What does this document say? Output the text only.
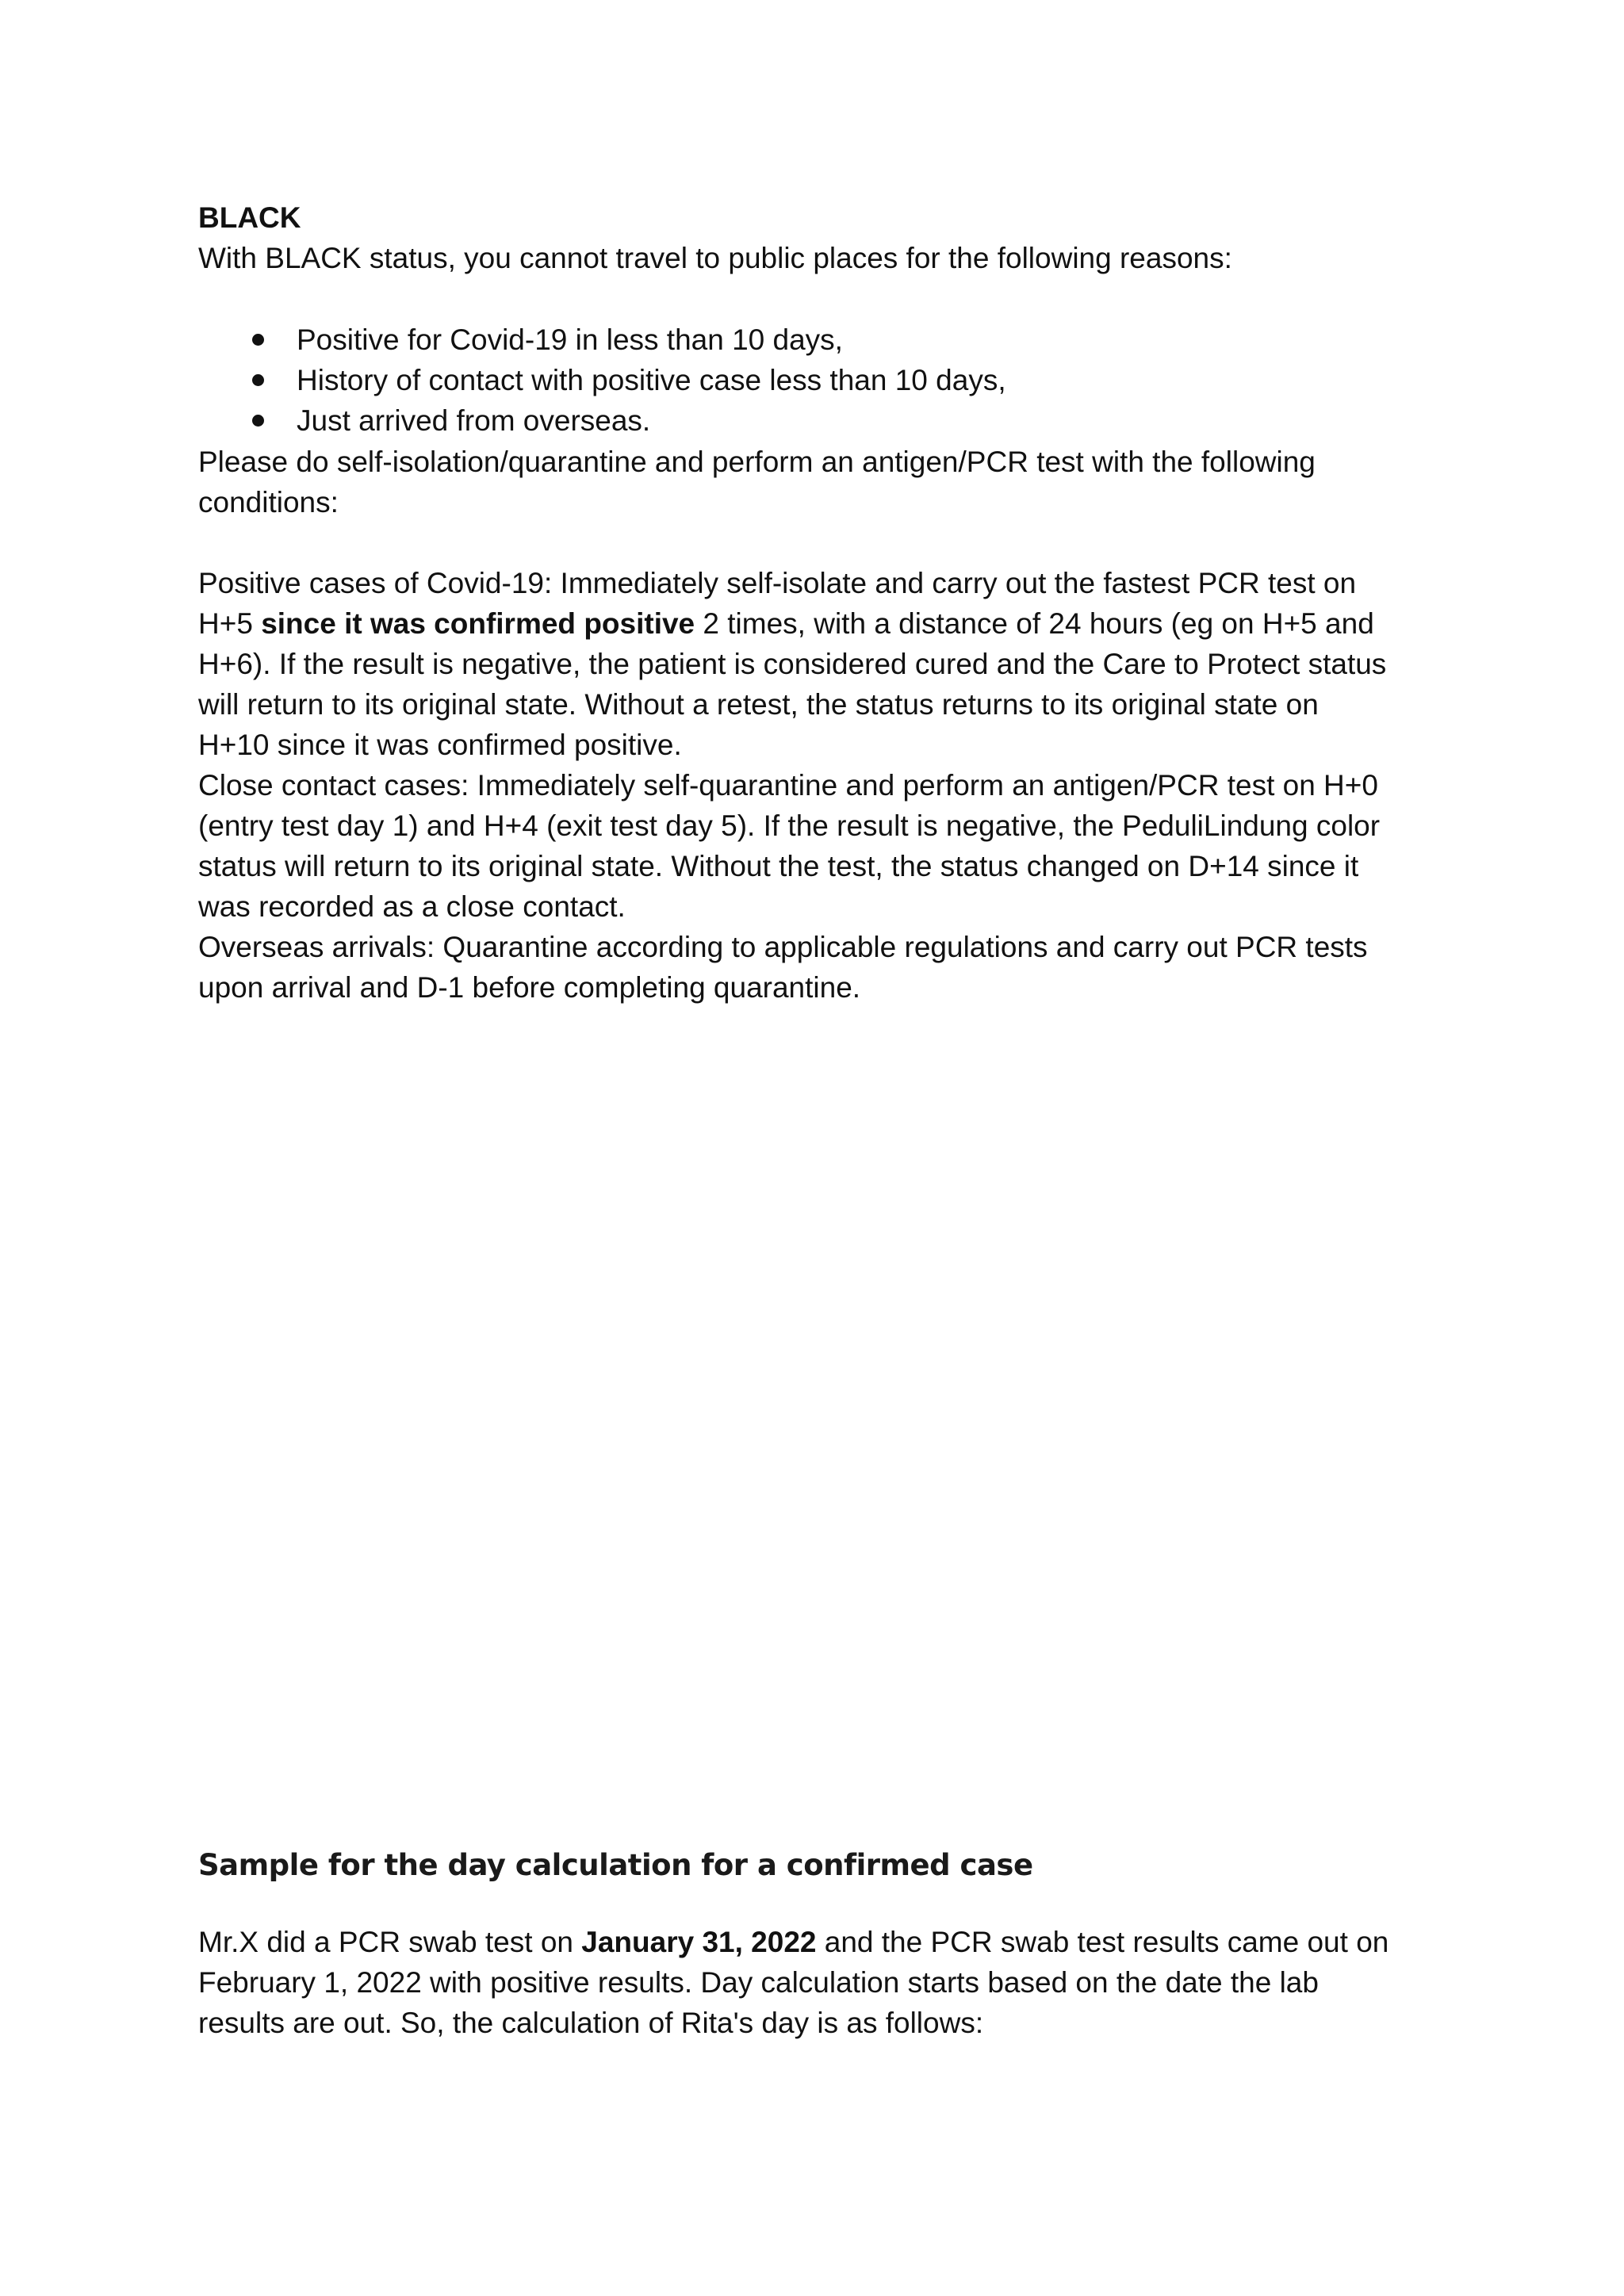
BLACK
With BLACK status, you cannot travel to public places for the following reasons:
Positive for Covid-19 in less than 10 days,
History of contact with positive case less than 10 days,
Just arrived from overseas.
Please do self-isolation/quarantine and perform an antigen/PCR test with the following
conditions:
Positive cases of Covid-19: Immediately self-isolate and carry out the fastest PCR test on
H+5 since it was confirmed positive 2 times, with a distance of 24 hours (eg on H+5 and
H+6). If the result is negative, the patient is considered cured and the Care to Protect status
will return to its original state. Without a retest, the status returns to its original state on
H+10 since it was confirmed positive.
Close contact cases: Immediately self-quarantine and perform an antigen/PCR test on H+0
(entry test day 1) and H+4 (exit test day 5). If the result is negative, the PeduliLindung color
status will return to its original state. Without the test, the status changed on D+14 since it
was recorded as a close contact.
Overseas arrivals: Quarantine according to applicable regulations and carry out PCR tests
upon arrival and D-1 before completing quarantine.
Sample for the day calculation for a confirmed case
Mr.X did a PCR swab test on January 31, 2022 and the PCR swab test results came out on
February 1, 2022 with positive results. Day calculation starts based on the date the lab
results are out. So, the calculation of Rita's day is as follows:
